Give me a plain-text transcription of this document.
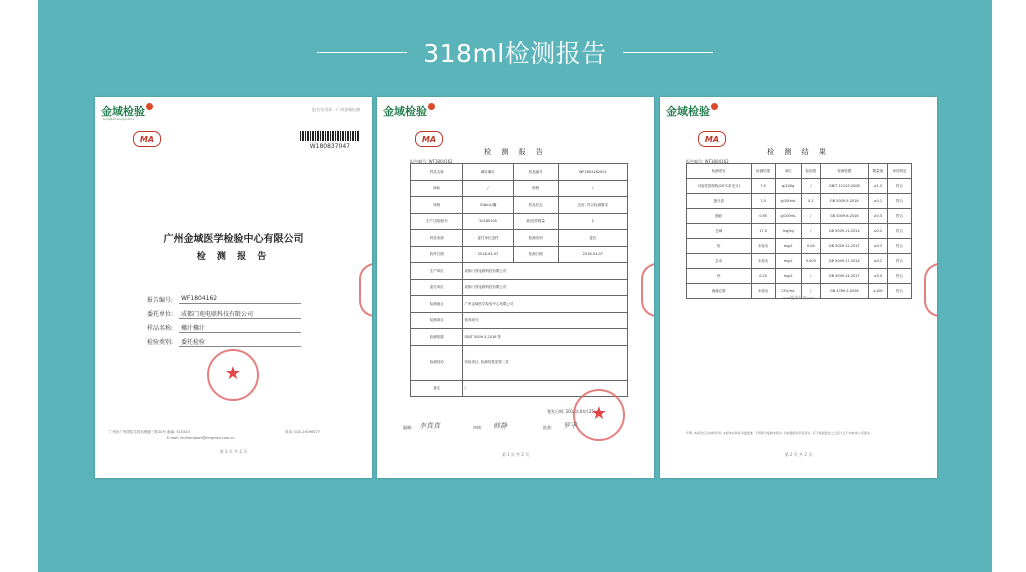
318ml检测报告
金域检验
KingMed Diagnostics
报告专用章 · 广州金域检测
MA
W180837047
广州金域医学检验中心有限公司
检 测 报 告
报告编号:	WF1804162
委托单位:	成都门苑电联科技有限公司
样品名称:	椰汁椰汁
检验类别:	委托检验
★
广州市广州国际生物岛螺旋三路10号 邮编: 510320
E-mail: kmhmreport@kingmed.com.cn
电话: 020-29196577
第 1 页 共 2 页
金域检验
MA
检 测 报 告
报告编号: WF1804162
样品名称	椰汁椰汁	样品编号	WF1804162001
商标	/	规格	/
规格	318mL/罐	样品状态	完好, 符合检测要求
生产日期/批号	20180105	抽/送样数量	2
样品来源	委托单位送样	检测类别	委托
收样日期	2018-04-07	检测日期	2018-04-07
生产单位	成都门苑电联科技有限公司		
委托单位	成都门苑电联科技有限公司		
检测地点	广州金域医学检验中心有限公司		
检测项目	营养成分		
检测依据	GB/T 5009.3-2016 等		
检测结论	所检项目, 检测结果见第二页		
备注	/		
签发日期: 2018年04月25日
★
编制: 李真真	审核: 韩静	批准: 罗平
第 1 页 共 2 页
金域检验
MA
检 测 结 果
报告编号: WF1804162
检测项目	检测结果	单位	检出限	检测依据	限量值	单项判定
可溶性固形物(20℃折光计)	7.5	g/100g	/	GB/T 12143-2008	≥1.0	符合
蛋白质	7.0	g/100mL	0.1	GB 5009.5-2016	≥0.1	符合
脂肪	0.65	g/100mL	/	GB 5009.6-2016	≥0.5	符合
总砷	17.5	mg/kg	/	GB 5009.11-2014	≤0.2	符合
铅	未检出	mg/L	0.04	GB 5009.12-2017	≤0.3	符合
总汞	未检出	mg/L	0.003	GB 5009.17-2014	≤0.2	符合
锌	0.20	mg/L	/	GB 5009.14-2017	≤5.0	符合
菌落总数	未检出	CFU/mL	/	GB 4789.2-2016	≤100	符合
——报告结束——
声明: 本报告仅对来样负责; 未经本实验室书面批准, 不得部分复制本报告; 对检测报告若有异议, 应于收到报告之日起十五日内向本公司提出。
第 2 页 共 2 页
